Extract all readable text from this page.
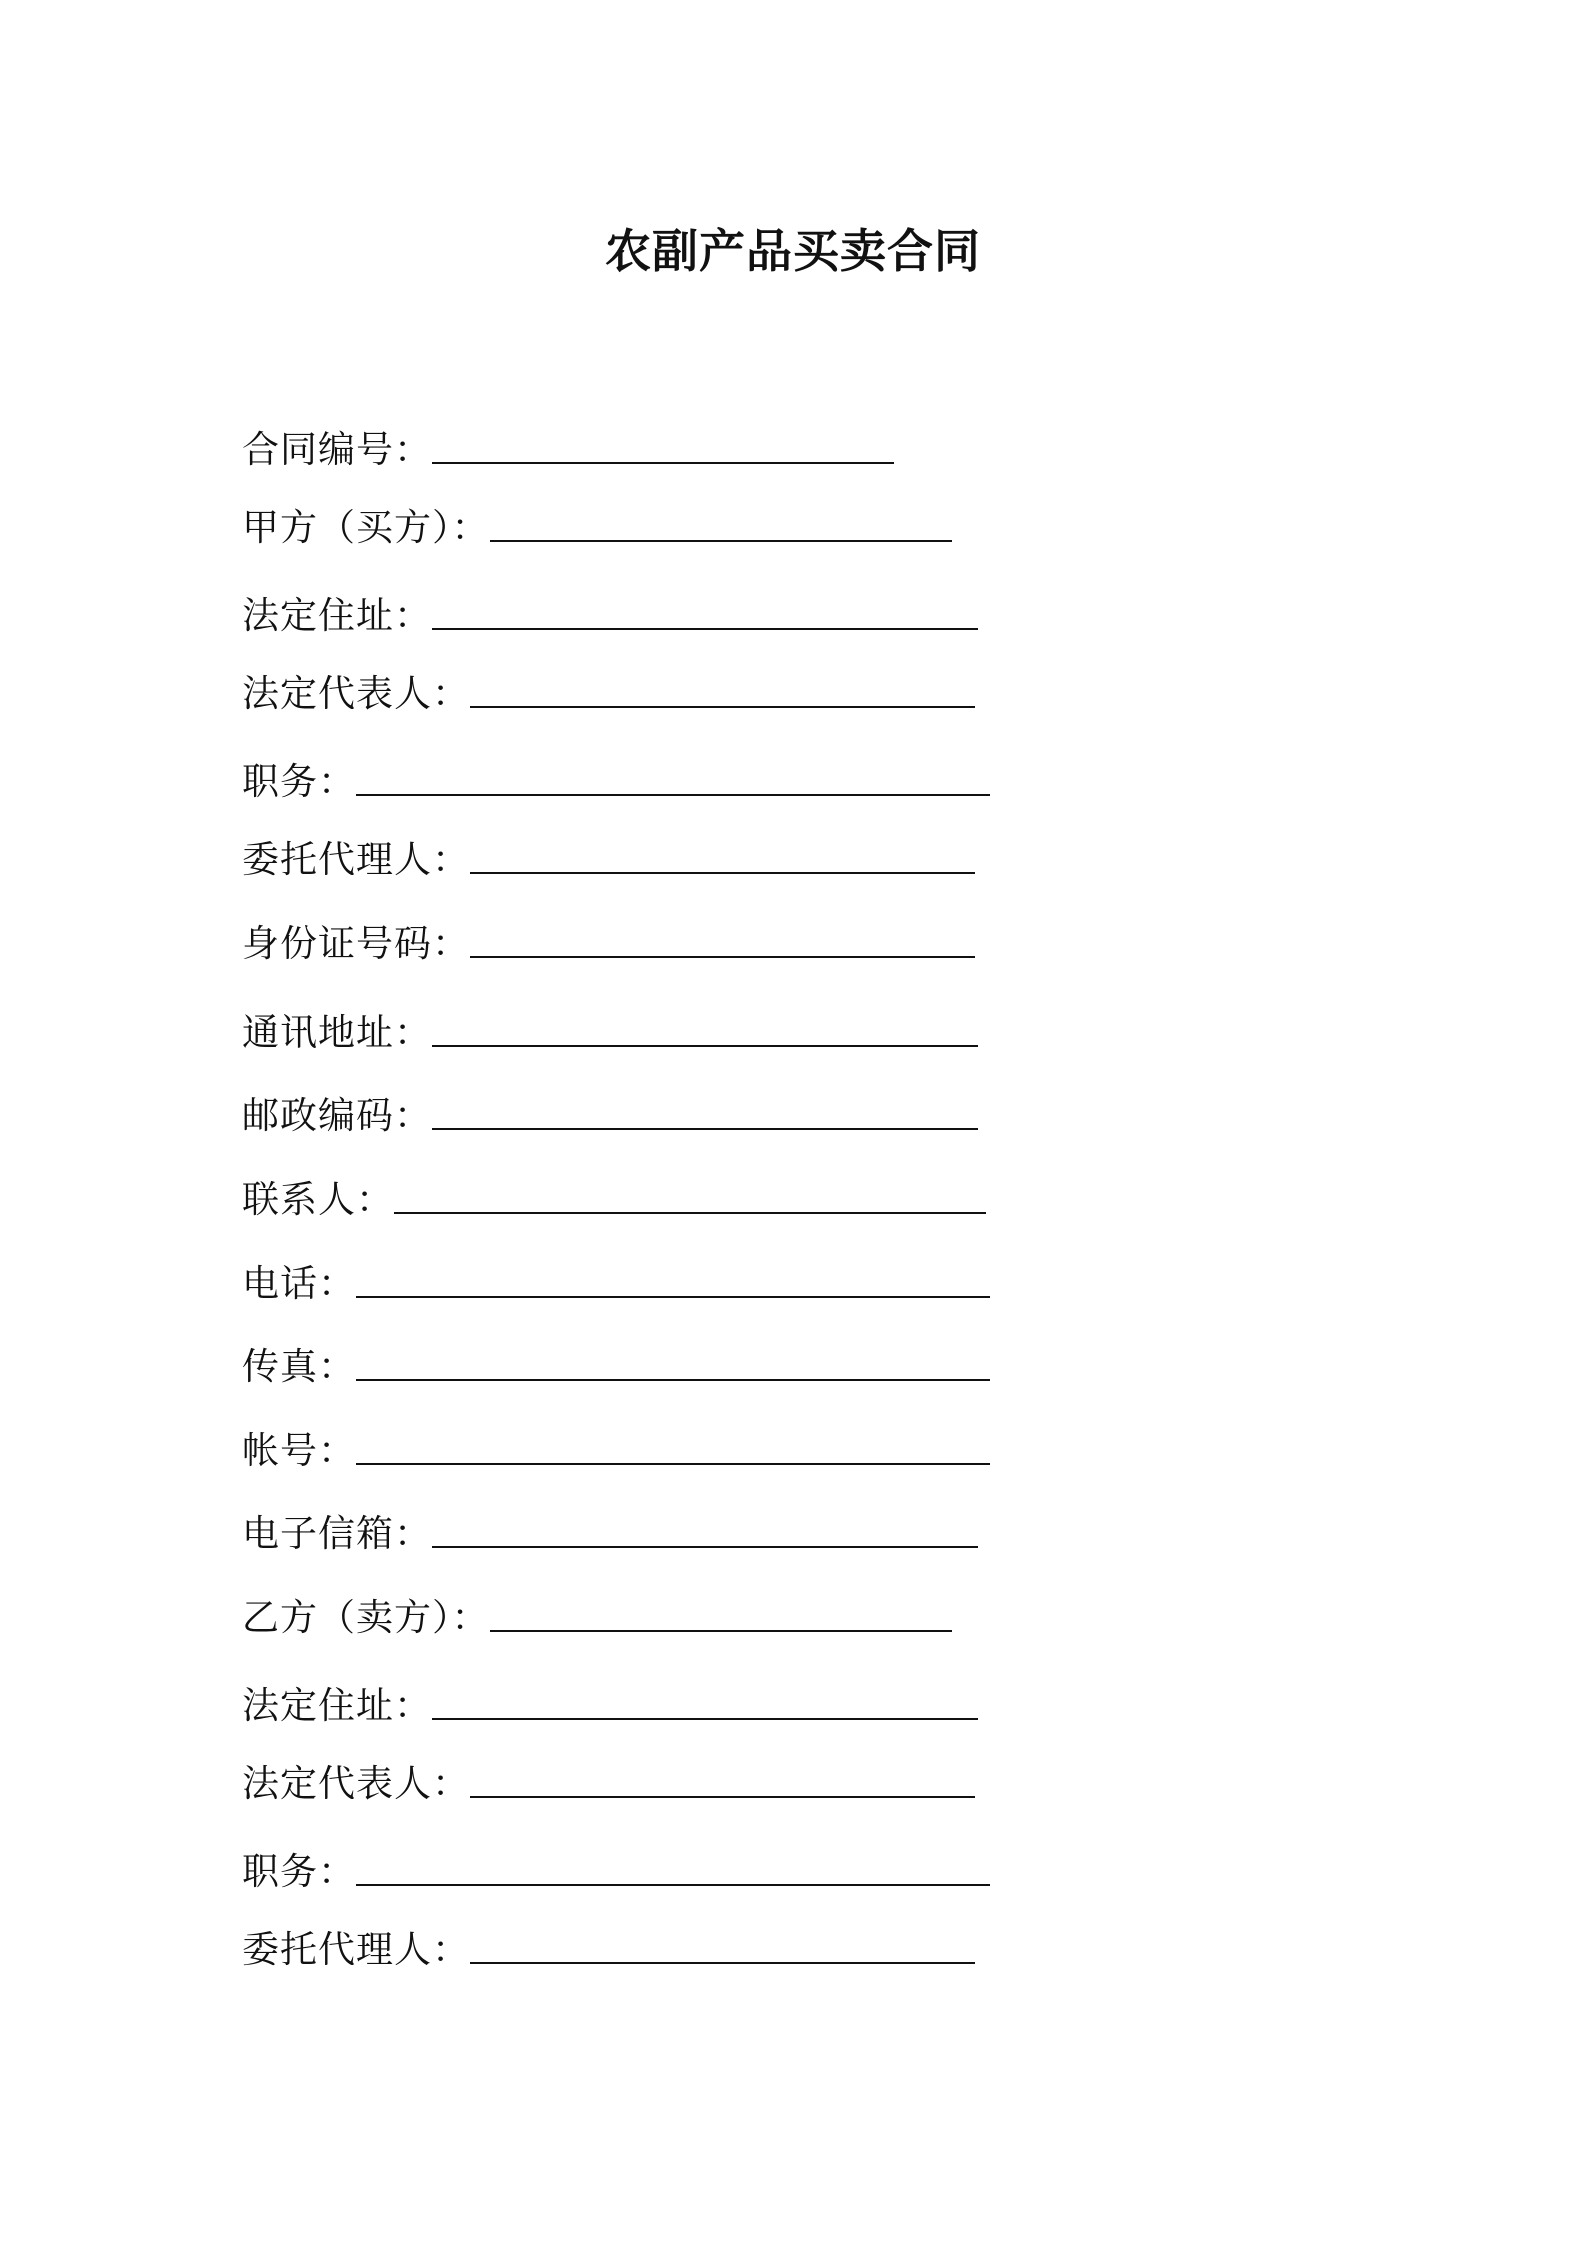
农副产品买卖合同
合同编号：
甲方（买方）：
法定住址：
法定代表人：
职务：
委托代理人：
身份证号码：
通讯地址：
邮政编码：
联系人：
电话：
传真：
帐号：
电子信箱：
乙方（卖方）：
法定住址：
法定代表人：
职务：
委托代理人：
